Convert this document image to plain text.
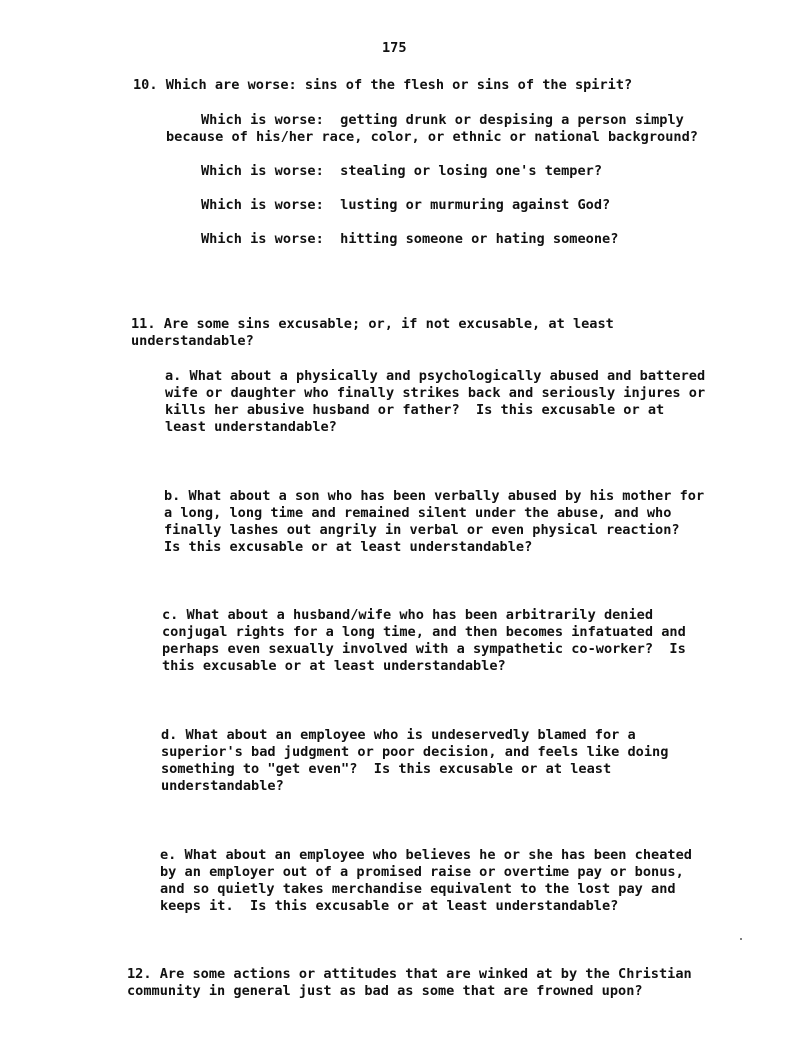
175
10. Which are worse: sins of the flesh or sins of the spirit?
Which is worse:  getting drunk or despising a person simply
because of his/her race, color, or ethnic or national background?
Which is worse:  stealing or losing one's temper?
Which is worse:  lusting or murmuring against God?
Which is worse:  hitting someone or hating someone?
11. Are some sins excusable; or, if not excusable, at least
understandable?
a. What about a physically and psychologically abused and battered
wife or daughter who finally strikes back and seriously injures or
kills her abusive husband or father?  Is this excusable or at
least understandable?
b. What about a son who has been verbally abused by his mother for
a long, long time and remained silent under the abuse, and who
finally lashes out angrily in verbal or even physical reaction?
Is this excusable or at least understandable?
c. What about a husband/wife who has been arbitrarily denied
conjugal rights for a long time, and then becomes infatuated and
perhaps even sexually involved with a sympathetic co-worker?  Is
this excusable or at least understandable?
d. What about an employee who is undeservedly blamed for a
superior's bad judgment or poor decision, and feels like doing
something to "get even"?  Is this excusable or at least
understandable?
e. What about an employee who believes he or she has been cheated
by an employer out of a promised raise or overtime pay or bonus,
and so quietly takes merchandise equivalent to the lost pay and
keeps it.  Is this excusable or at least understandable?
12. Are some actions or attitudes that are winked at by the Christian
community in general just as bad as some that are frowned upon?
